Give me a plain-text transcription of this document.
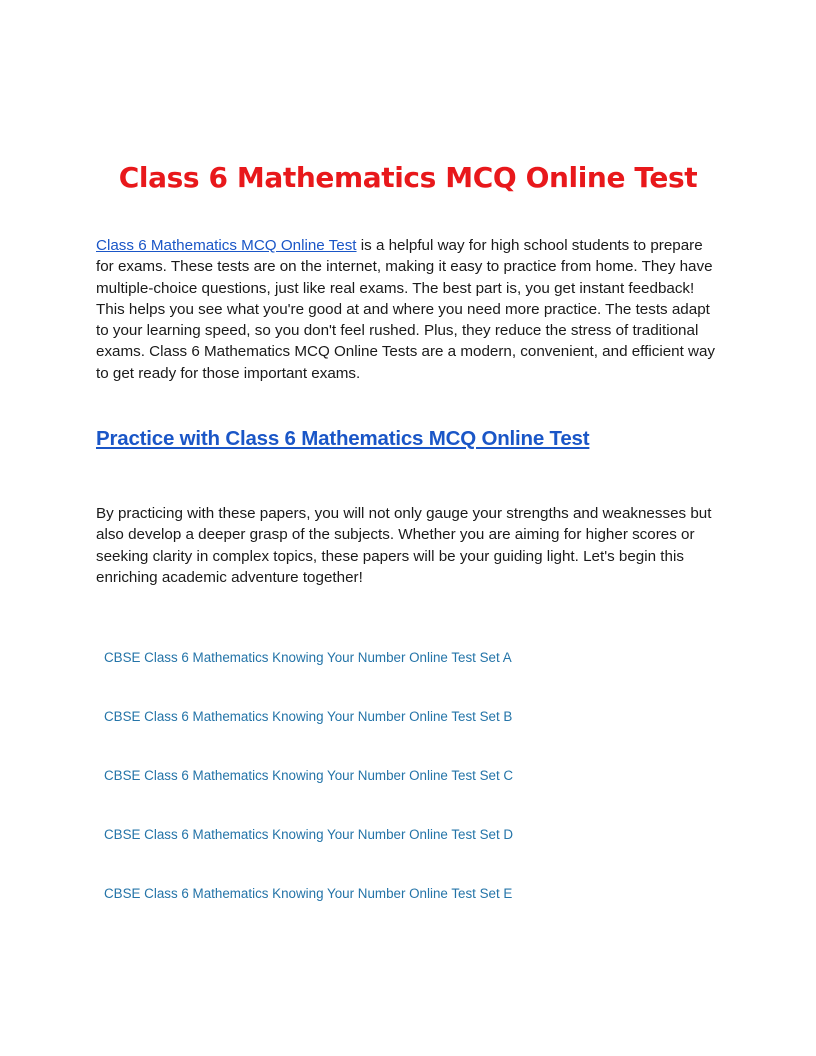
Class 6 Mathematics MCQ Online Test

Class 6 Mathematics MCQ Online Test is a helpful way for high school students to prepare for exams. These tests are on the internet, making it easy to practice from home. They have multiple-choice questions, just like real exams. The best part is, you get instant feedback! This helps you see what you're good at and where you need more practice. The tests adapt to your learning speed, so you don't feel rushed. Plus, they reduce the stress of traditional exams. Class 6 Mathematics MCQ Online Tests are a modern, convenient, and efficient way to get ready for those important exams.

Practice with Class 6 Mathematics MCQ Online Test

By practicing with these papers, you will not only gauge your strengths and weaknesses but also develop a deeper grasp of the subjects. Whether you are aiming for higher scores or seeking clarity in complex topics, these papers will be your guiding light. Let's begin this enriching academic adventure together!

CBSE Class 6 Mathematics Knowing Your Number Online Test Set A
CBSE Class 6 Mathematics Knowing Your Number Online Test Set B
CBSE Class 6 Mathematics Knowing Your Number Online Test Set C
CBSE Class 6 Mathematics Knowing Your Number Online Test Set D
CBSE Class 6 Mathematics Knowing Your Number Online Test Set E
